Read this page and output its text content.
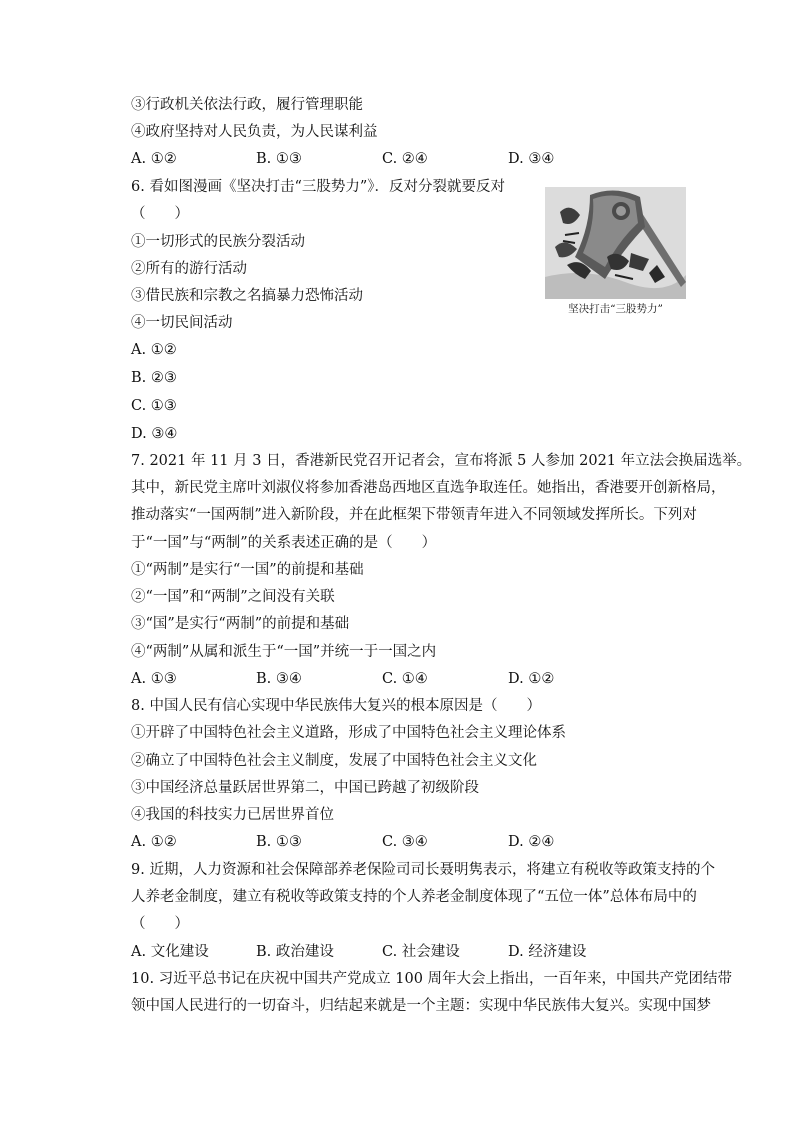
③行政机关依法行政，履行管理职能
④政府坚持对人民负责，为人民谋利益
A. ①②	B. ①③	C. ②④	D. ③④
6. 看如图漫画《坚决打击“三股势力”》．反对分裂就要反对
（　　）
①一切形式的民族分裂活动
②所有的游行活动
③借民族和宗教之名搞暴力恐怖活动
④一切民间活动
A. ①②
B. ②③
C. ①③
D. ③④
坚决打击“三股势力”
7. 2021 年 11 月 3 日，香港新民党召开记者会，宣布将派 5 人参加 2021 年立法会换届选举。
其中，新民党主席叶刘淑仪将参加香港岛西地区直选争取连任。她指出，香港要开创新格局，
推动落实“一国两制”进入新阶段，并在此框架下带领青年进入不同领域发挥所长。下列对
于“一国”与“两制”的关系表述正确的是（　　）
①“两制”是实行“一国”的前提和基础
②“一国”和“两制”之间没有关联
③“国”是实行“两制”的前提和基础
④“两制”从属和派生于“一国”并统一于一国之内
A. ①③	B. ③④	C. ①④	D. ①②
8. 中国人民有信心实现中华民族伟大复兴的根本原因是（　　）
①开辟了中国特色社会主义道路，形成了中国特色社会主义理论体系
②确立了中国特色社会主义制度，发展了中国特色社会主义文化
③中国经济总量跃居世界第二，中国已跨越了初级阶段
④我国的科技实力已居世界首位
A. ①②	B. ①③	C. ③④	D. ②④
9. 近期，人力资源和社会保障部养老保险司司长聂明隽表示，将建立有税收等政策支持的个
人养老金制度，建立有税收等政策支持的个人养老金制度体现了“五位一体”总体布局中的
（　　）
A. 文化建设	B. 政治建设	C. 社会建设	D. 经济建设
10. 习近平总书记在庆祝中国共产党成立 100 周年大会上指出，一百年来，中国共产党团结带
领中国人民进行的一切奋斗，归结起来就是一个主题：实现中华民族伟大复兴。实现中国梦
